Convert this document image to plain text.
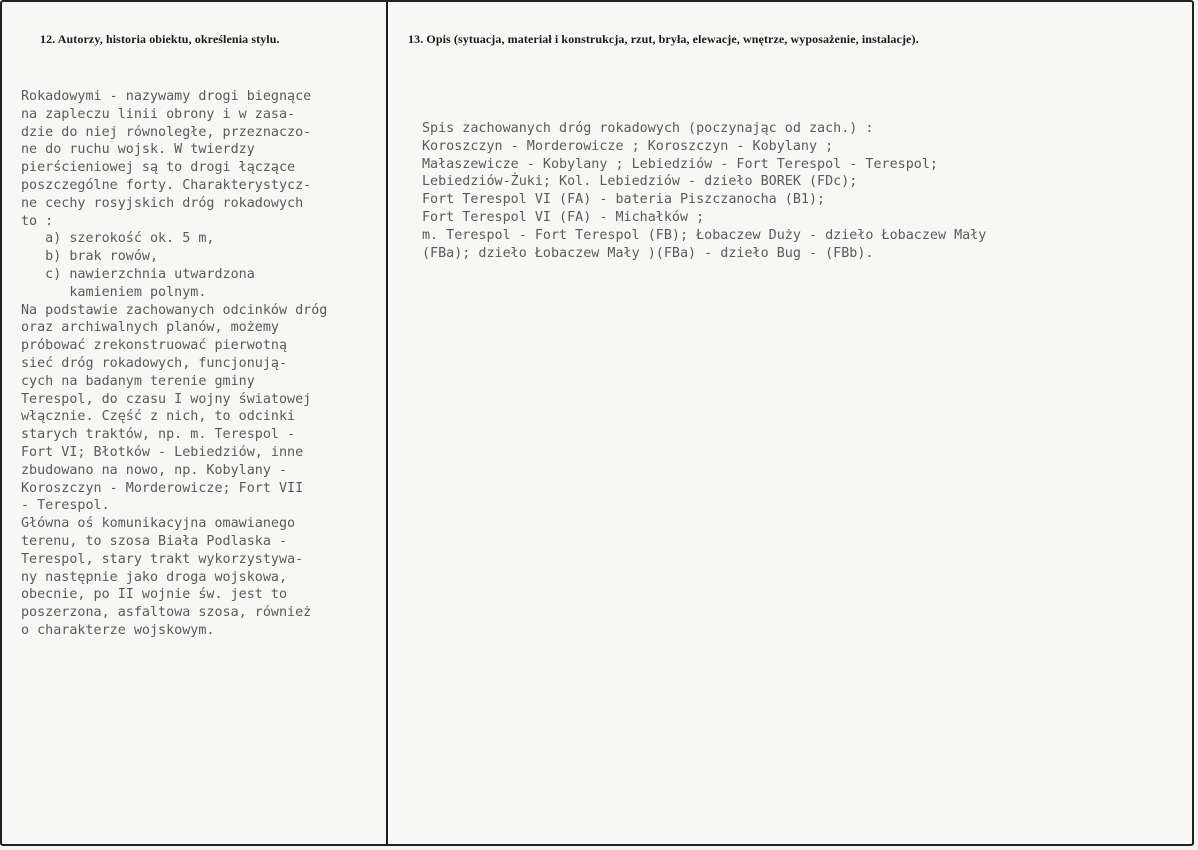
12. Autorzy, historia obiektu, określenia stylu.	13. Opis (sytuacja, materiał i konstrukcja, rzut, bryła, elewacje, wnętrze, wyposażenie, instalacje).
Rokadowymi - nazywamy drogi biegnące
na zapleczu linii obrony i w zasa-
dzie do niej równoległe, przeznaczo-
ne do ruchu wojsk. W twierdzy
pierścieniowej są to drogi łączące
poszczególne forty. Charakterystycz-
ne cechy rosyjskich dróg rokadowych
to :
a) szerokość ok. 5 m,
b) brak rowów,
c) nawierzchnia utwardzona
kamieniem polnym.
Na podstawie zachowanych odcinków dróg
oraz archiwalnych planów, możemy
próbować zrekonstruować pierwotną
sieć dróg rokadowych, funcjonują-
cych na badanym terenie gminy
Terespol, do czasu I wojny światowej
włącznie. Część z nich, to odcinki
starych traktów, np. m. Terespol -
Fort VI; Błotków - Lebiedziów, inne
zbudowano na nowo, np. Kobylany -
Koroszczyn - Morderowicze; Fort VII
- Terespol.
Główna oś komunikacyjna omawianego
terenu, to szosa Biała Podlaska -
Terespol, stary trakt wykorzystywa-
ny następnie jako droga wojskowa,
obecnie, po II wojnie św. jest to
poszerzona, asfaltowa szosa, również
o charakterze wojskowym.
Spis zachowanych dróg rokadowych (poczynając od zach.) :
Koroszczyn - Morderowicze ; Koroszczyn - Kobylany ;
Małaszewicze - Kobylany ; Lebiedziów - Fort Terespol - Terespol;
Lebiedziów-Żuki; Kol. Lebiedziów - dzieło BOREK (FDc);
Fort Terespol VI (FA) - bateria Piszczanocha (B1);
Fort Terespol VI (FA) - Michałków ;
m. Terespol - Fort Terespol (FB); Łobaczew Duży - dzieło Łobaczew Mały
(FBa); dzieło Łobaczew Mały )(FBa) - dzieło Bug - (FBb).
